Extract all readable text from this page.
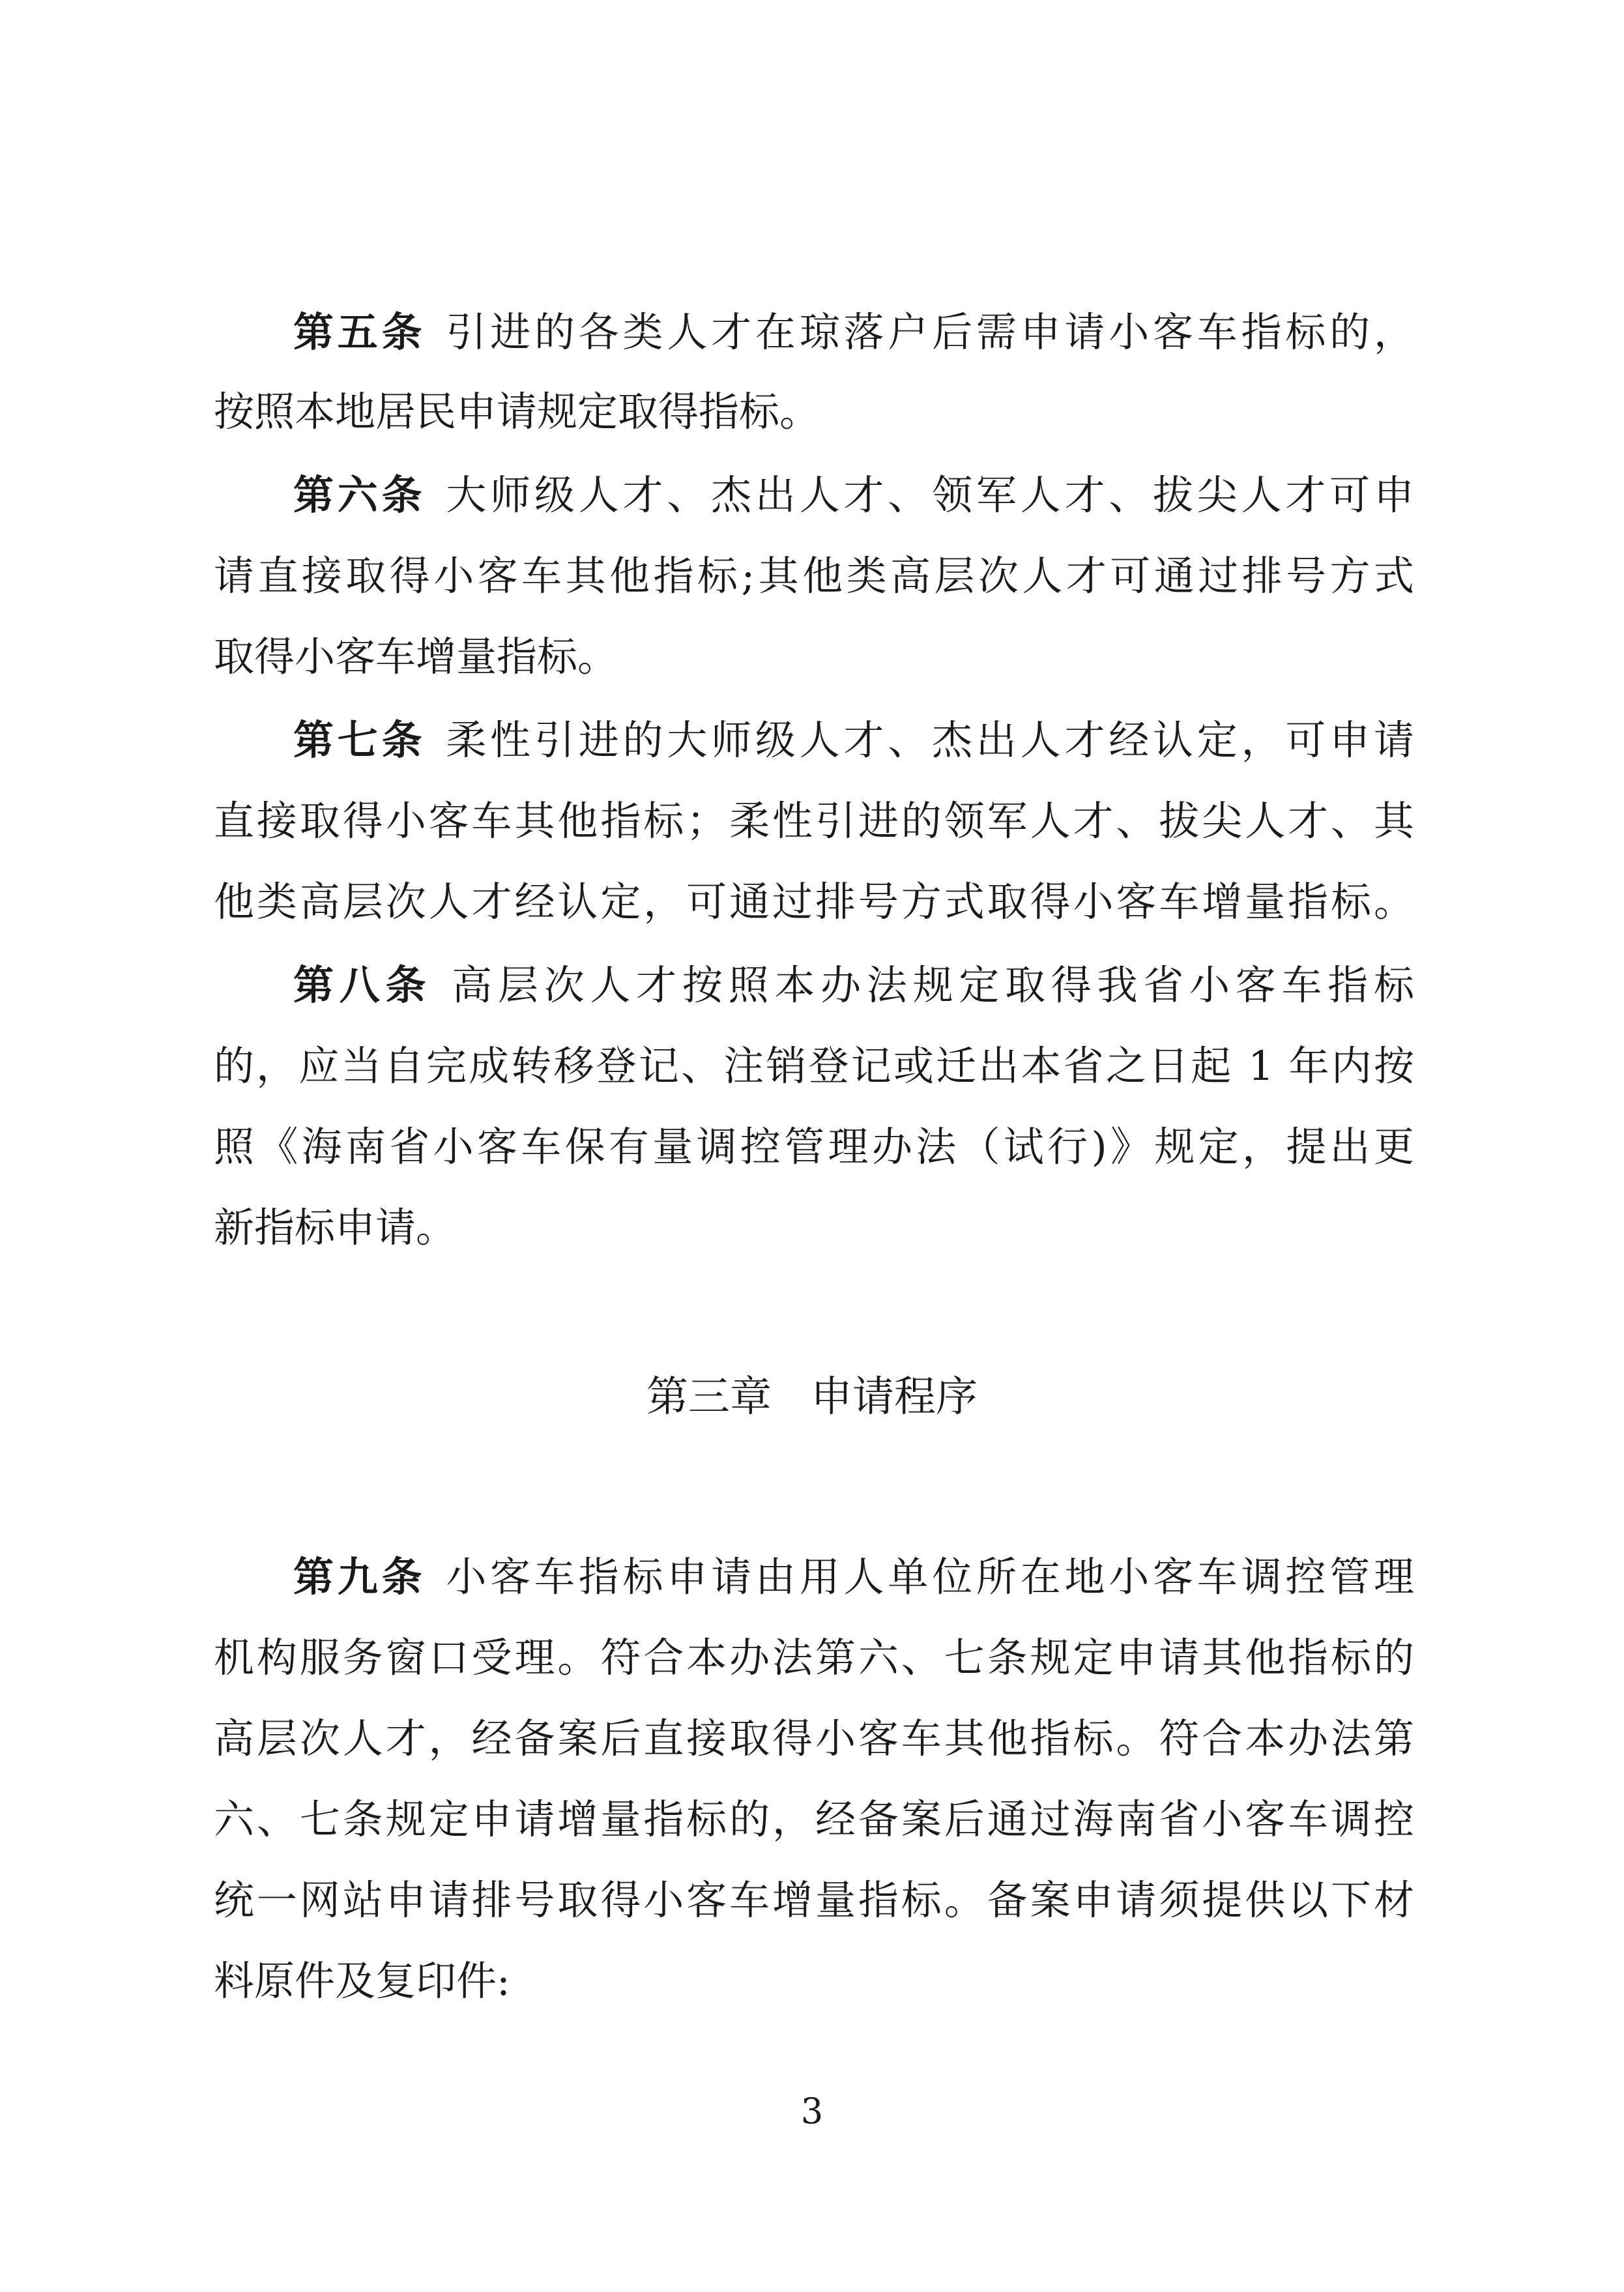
第五条 引进的各类人才在琼落户后需申请小客车指标的，
按照本地居民申请规定取得指标。
第六条 大师级人才、杰出人才、领军人才、拔尖人才可申
请直接取得小客车其他指标;其他类高层次人才可通过排号方式
取得小客车增量指标。
第七条 柔性引进的大师级人才、杰出人才经认定，可申请
直接取得小客车其他指标；柔性引进的领军人才、拔尖人才、其
他类高层次人才经认定，可通过排号方式取得小客车增量指标。
第八条 高层次人才按照本办法规定取得我省小客车指标
的，应当自完成转移登记、注销登记或迁出本省之日起 1 年内按
照《海南省小客车保有量调控管理办法（试行)》规定，提出更
新指标申请。
第三章 申请程序
第九条 小客车指标申请由用人单位所在地小客车调控管理
机构服务窗口受理。符合本办法第六、七条规定申请其他指标的
高层次人才，经备案后直接取得小客车其他指标。符合本办法第
六、七条规定申请增量指标的，经备案后通过海南省小客车调控
统一网站申请排号取得小客车增量指标。备案申请须提供以下材
料原件及复印件:
3
